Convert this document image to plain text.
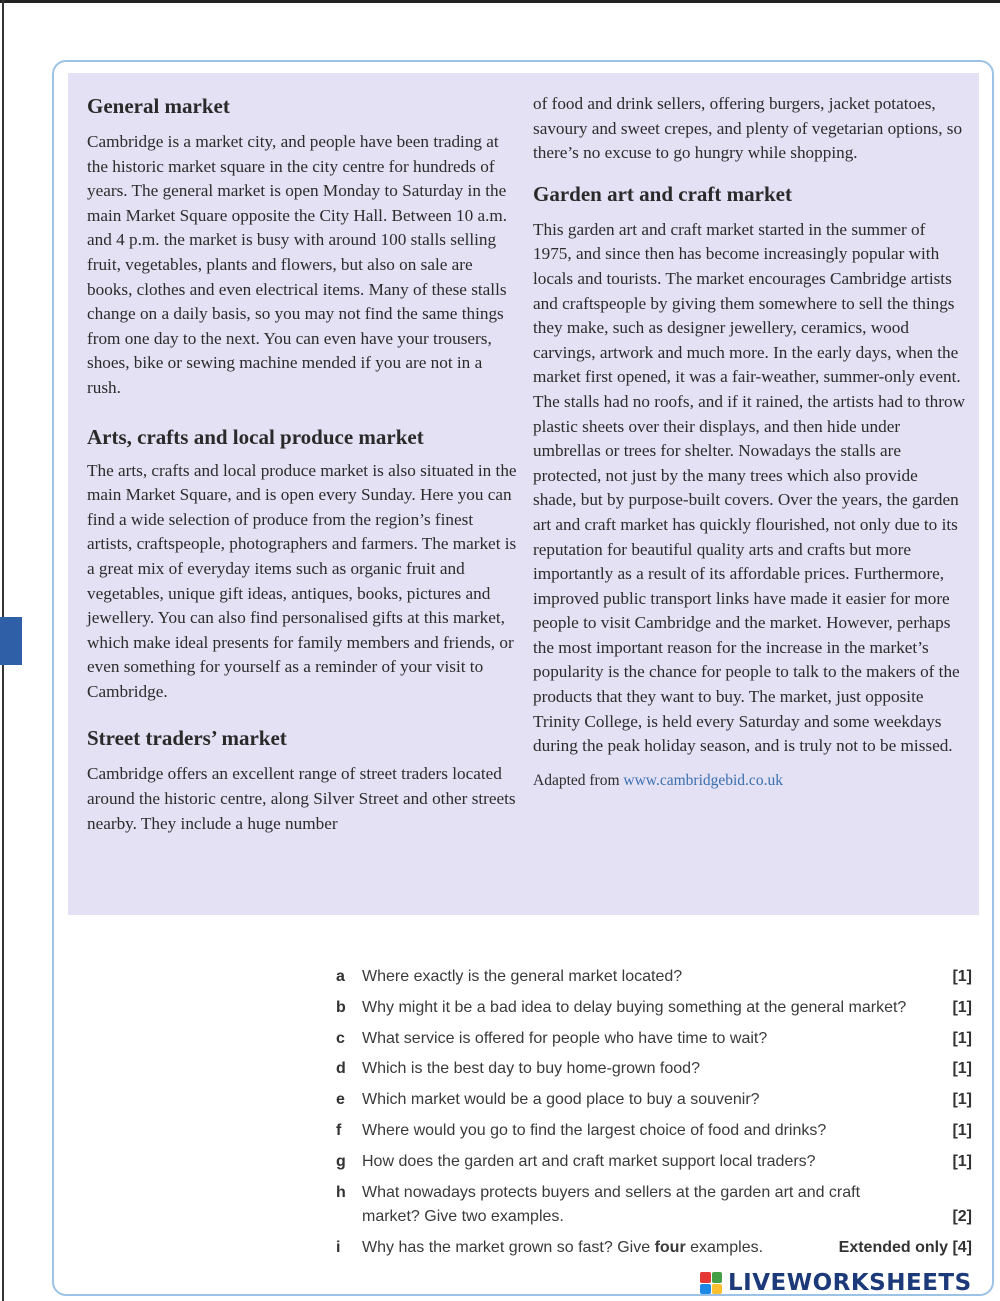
General market

Cambridge is a market city, and people have been trading at the historic market square in the city centre for hundreds of years. The general market is open Monday to Saturday in the main Market Square opposite the City Hall. Between 10 a.m. and 4 p.m. the market is busy with around 100 stalls selling fruit, vegetables, plants and flowers, but also on sale are books, clothes and even electrical items. Many of these stalls change on a daily basis, so you may not find the same things from one day to the next. You can even have your trousers, shoes, bike or sewing machine mended if you are not in a rush.

Arts, crafts and local produce market

The arts, crafts and local produce market is also situated in the main Market Square, and is open every Sunday. Here you can find a wide selection of produce from the region’s finest artists, craftspeople, photographers and farmers. The market is a great mix of everyday items such as organic fruit and vegetables, unique gift ideas, antiques, books, pictures and jewellery. You can also find personalised gifts at this market, which make ideal presents for family members and friends, or even something for yourself as a reminder of your visit to Cambridge.

Street traders’ market

Cambridge offers an excellent range of street traders located around the historic centre, along Silver Street and other streets nearby. They include a huge number

of food and drink sellers, offering burgers, jacket potatoes, savoury and sweet crepes, and plenty of vegetarian options, so there’s no excuse to go hungry while shopping.

Garden art and craft market

This garden art and craft market started in the summer of 1975, and since then has become increasingly popular with locals and tourists. The market encourages Cambridge artists and craftspeople by giving them somewhere to sell the things they make, such as designer jewellery, ceramics, wood carvings, artwork and much more. In the early days, when the market first opened, it was a fair-weather, summer-only event. The stalls had no roofs, and if it rained, the artists had to throw plastic sheets over their displays, and then hide under umbrellas or trees for shelter. Nowadays the stalls are protected, not just by the many trees which also provide shade, but by purpose-built covers. Over the years, the garden art and craft market has quickly flourished, not only due to its reputation for beautiful quality arts and crafts but more importantly as a result of its affordable prices. Furthermore, improved public transport links have made it easier for more people to visit Cambridge and the market. However, perhaps the most important reason for the increase in the market’s popularity is the chance for people to talk to the makers of the products that they want to buy. The market, just opposite Trinity College, is held every Saturday and some weekdays during the peak holiday season, and is truly not to be missed.

Adapted from www.cambridgebid.co.uk

a Where exactly is the general market located?	[1]
b Why might it be a bad idea to delay buying something at the general market?	[1]
c What service is offered for people who have time to wait?	[1]
d Which is the best day to buy home-grown food?	[1]
e Which market would be a good place to buy a souvenir?	[1]
f Where would you go to find the largest choice of food and drinks?	[1]
g How does the garden art and craft market support local traders?	[1]
h What nowadays protects buyers and sellers at the garden art and craft market? Give two examples.	[2]
i Why has the market grown so fast? Give four examples.	Extended only [4]
LIVEWORKSHEETS
